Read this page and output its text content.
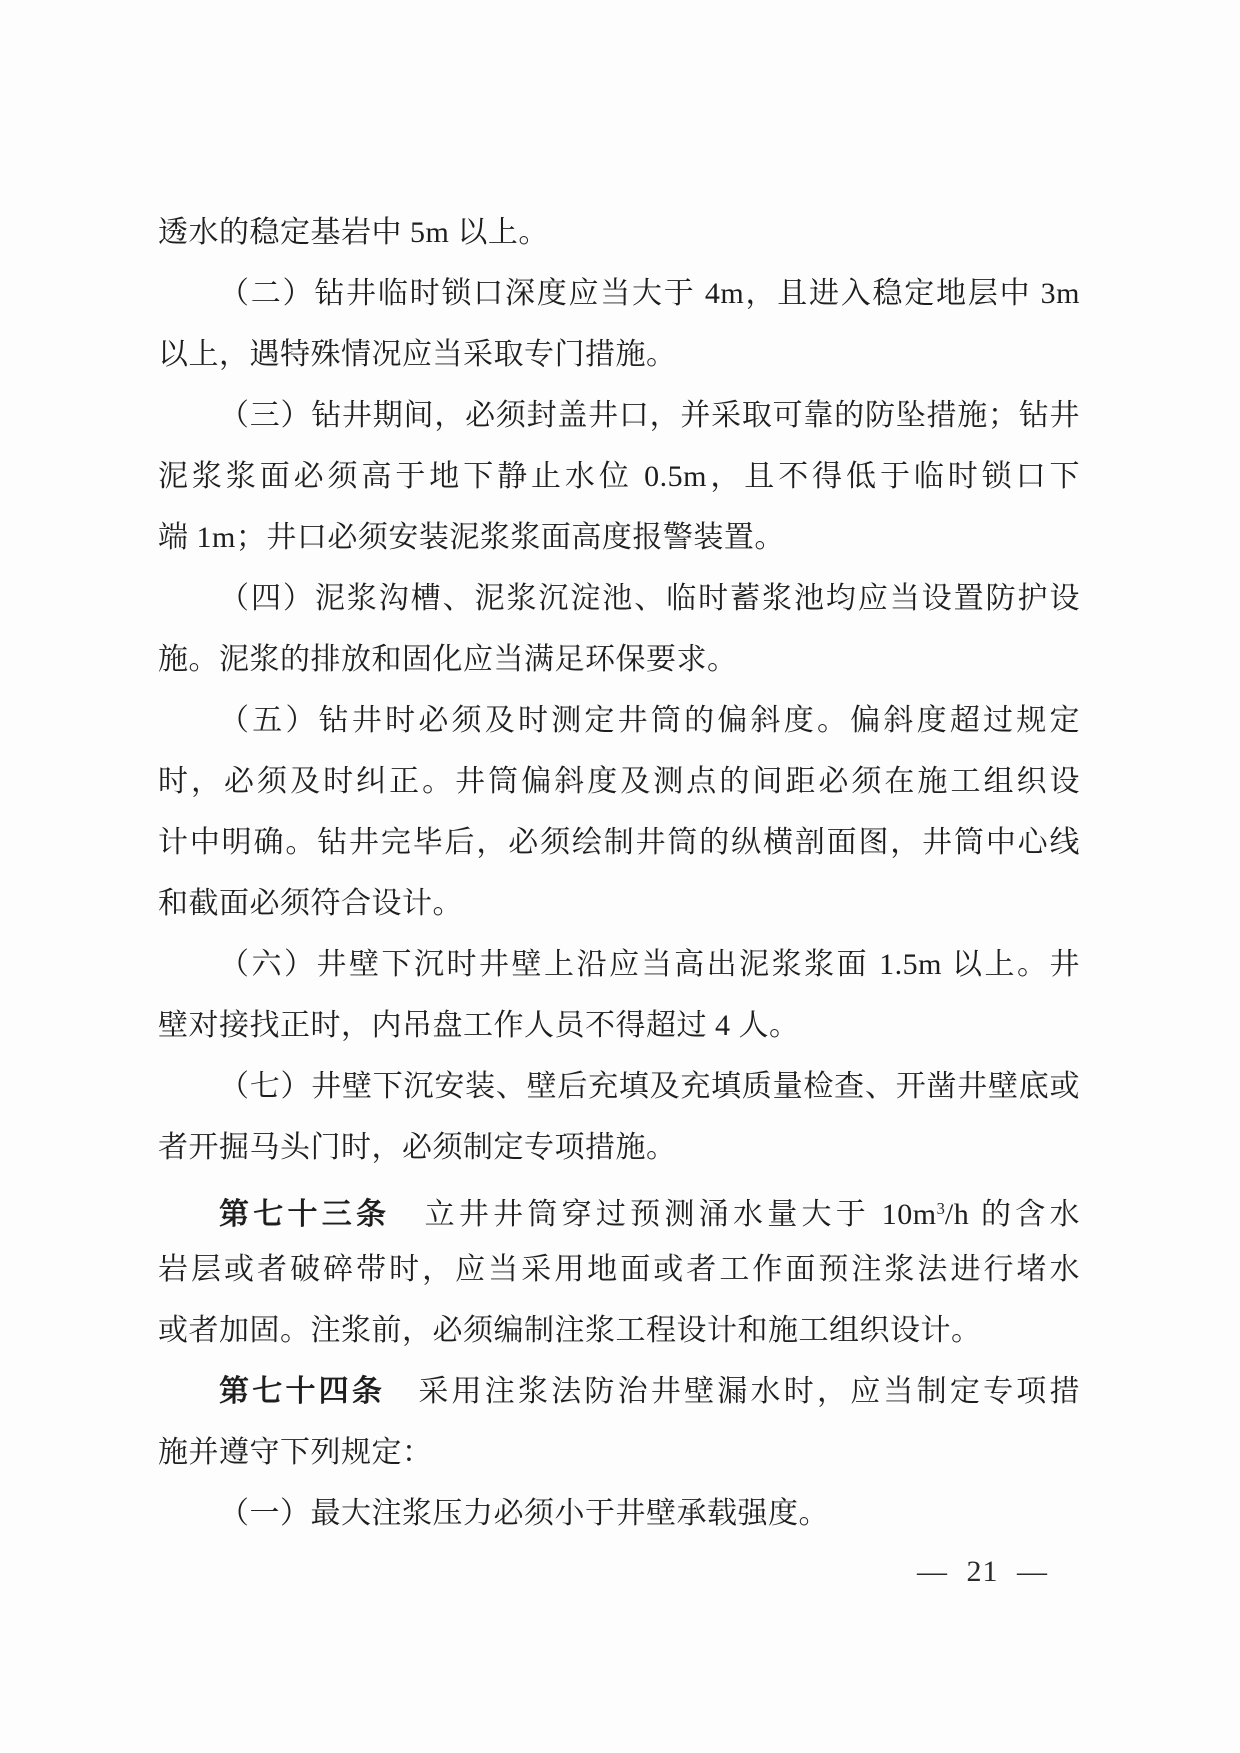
透水的稳定基岩中 5m 以上。
（二）钻井临时锁口深度应当大于 4m，且进入稳定地层中 3m
以上，遇特殊情况应当采取专门措施。
（三）钻井期间，必须封盖井口，并采取可靠的防坠措施；钻井
泥浆浆面必须高于地下静止水位 0.5m，且不得低于临时锁口下
端 1m；井口必须安装泥浆浆面高度报警装置。
（四）泥浆沟槽、泥浆沉淀池、临时蓄浆池均应当设置防护设
施。泥浆的排放和固化应当满足环保要求。
（五）钻井时必须及时测定井筒的偏斜度。偏斜度超过规定
时，必须及时纠正。井筒偏斜度及测点的间距必须在施工组织设
计中明确。钻井完毕后，必须绘制井筒的纵横剖面图，井筒中心线
和截面必须符合设计。
（六）井壁下沉时井壁上沿应当高出泥浆浆面 1.5m 以上。井
壁对接找正时，内吊盘工作人员不得超过 4 人。
（七）井壁下沉安装、壁后充填及充填质量检查、开凿井壁底或
者开掘马头门时，必须制定专项措施。
第七十三条　立井井筒穿过预测涌水量大于 $10m^3/h$ 的含水
岩层或者破碎带时，应当采用地面或者工作面预注浆法进行堵水
或者加固。注浆前，必须编制注浆工程设计和施工组织设计。
第七十四条　采用注浆法防治井壁漏水时，应当制定专项措
施并遵守下列规定：
（一）最大注浆压力必须小于井壁承载强度。
— 21 —
